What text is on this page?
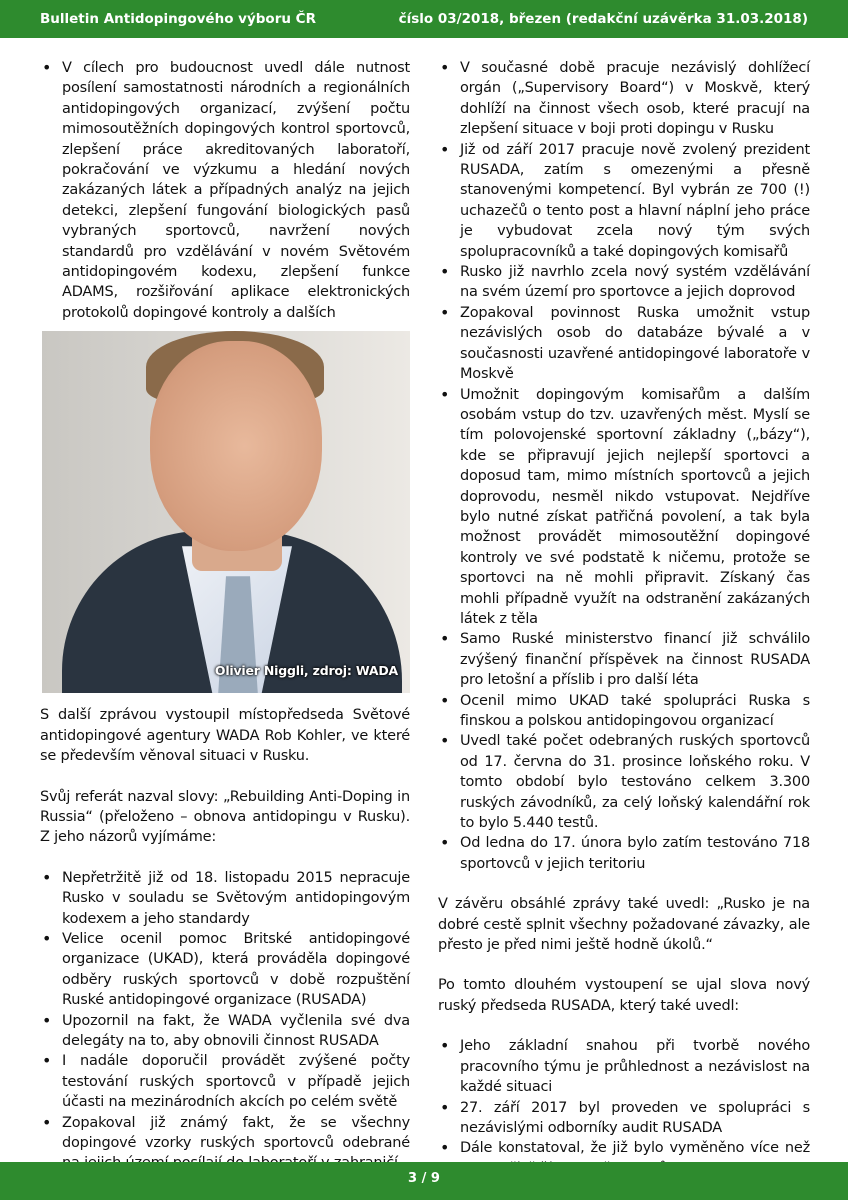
Bulletin Antidopingového výboru ČR	číslo 03/2018, březen (redakční uzávěrka 31.03.2018)
• V cílech pro budoucnost uvedl dále nutnost posílení samostatnosti národních a regionálních antidopingových organizací, zvýšení počtu mimosoutěžních dopingových kontrol sportovců, zlepšení práce akreditovaných laboratoří, pokračování ve výzkumu a hledání nových zakázaných látek a případných analýz na jejich detekci, zlepšení fungování biologických pasů vybraných sportovců, navržení nových standardů pro vzdělávání v novém Světovém antidopingovém kodexu, zlepšení funkce ADAMS, rozšiřování aplikace elektronických protokolů dopingové kontroly a dalších
Olivier Niggli, zdroj: WADA

S další zprávou vystoupil místopředseda Světové antidopingové agentury WADA Rob Kohler, ve které se především věnoval situaci v Rusku.

Svůj referát nazval slovy: „Rebuilding Anti-Doping in Russia“ (přeloženo – obnova antidopingu v Rusku). Z jeho názorů vyjímáme:

• Nepřetržitě již od 18. listopadu 2015 nepracuje Rusko v souladu se Světovým antidopingovým kodexem a jeho standardy
• Velice ocenil pomoc Britské antidopingové organizace (UKAD), která prováděla dopingové odběry ruských sportovců v době rozpuštění Ruské antidopingové organizace (RUSADA)
• Upozornil na fakt, že WADA vyčlenila své dva delegáty na to, aby obnovili činnost RUSADA
• I nadále doporučil provádět zvýšené počty testování ruských sportovců v případě jejich účasti na mezinárodních akcích po celém světě
• Zopakoval již známý fakt, že se všechny dopingové vzorky ruských sportovců odebrané
• V současné době pracuje nezávislý dohlížecí orgán („Supervisory Board“) v Moskvě, který dohlíží na činnost všech osob, které pracují na zlepšení situace v boji proti dopingu v Rusku
• Již od září 2017 pracuje nově zvolený prezident RUSADA, zatím s omezenými a přesně stanovenými kompetencí. Byl vybrán ze 700 (!) uchazečů o tento post a hlavní náplní jeho práce je vybudovat zcela nový tým svých spolupracovníků a také dopingových komisařů
• Rusko již navrhlo zcela nový systém vzdělávání na svém území pro sportovce a jejich doprovod
• Zopakoval povinnost Ruska umožnit vstup nezávislých osob do databáze bývalé a v současnosti uzavřené antidopingové laboratoře v Moskvě
• Umožnit dopingovým komisařům a dalším osobám vstup do tzv. uzavřených měst. Myslí se tím polovojenské sportovní základny („bázy“), kde se připravují jejich nejlepší sportovci a doposud tam, mimo místních sportovců a jejich doprovodu, nesměl nikdo vstupovat. Nejdříve bylo nutné získat patřičná povolení, a tak byla možnost provádět mimosoutěžní dopingové kontroly ve své podstatě k ničemu, protože se sportovci na ně mohli připravit. Získaný čas mohli případně využít na odstranění zakázaných látek z těla
• Samo Ruské ministerstvo financí již schválilo zvýšený finanční příspěvek na činnost RUSADA pro letošní a příslib i pro další léta
• Ocenil mimo UKAD také spolupráci Ruska s finskou a polskou antidopingovou organizací
• Uvedl také počet odebraných ruských sportovců od 17. června do 31. prosince loňského roku. V tomto období bylo testováno celkem 3.300 ruských závodníků, za celý loňský kalendářní rok to bylo 5.440 testů.
• Od ledna do 17. února bylo zatím testováno 718 sportovců v jejich teritoriu

V závěru obsáhlé zprávy také uvedl: „Rusko je na dobré cestě splnit všechny požadované závazky, ale přesto je před nimi ještě hodně úkolů.“

Po tomto dlouhém vystoupení se ujal slova nový ruský předseda RUSADA, který také uvedl:

• Jeho základní snahou při tvorbě nového pracovního týmu je průhlednost a nezávislost na každé situaci
• 27. září 2017 byl proveden ve spolupráci s nezávislými odborníky audit RUSADA
• Dále konstatoval, že již bylo vyměněno více než
•
3 / 9
